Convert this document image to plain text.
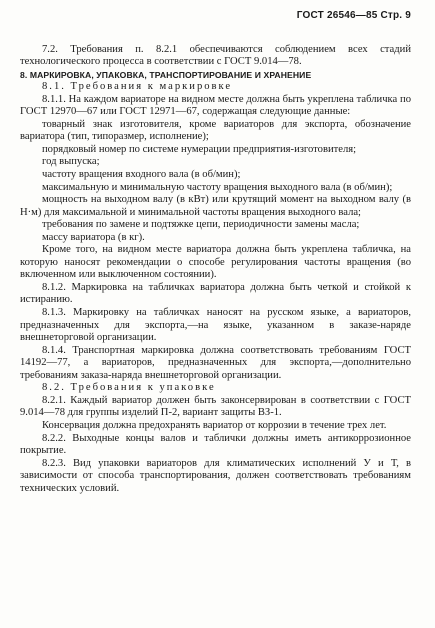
ГОСТ 26546—85 Стр. 9

7.2. Требования п. 8.2.1 обеспечиваются соблюдением всех стадий технологического процесса в соответствии с ГОСТ 9.014—78.

8. МАРКИРОВКА, УПАКОВКА, ТРАНСПОРТИРОВАНИЕ И ХРАНЕНИЕ

8.1. Требования к маркировке

8.1.1. На каждом вариаторе на видном месте должна быть укреплена табличка по ГОСТ 12970—67 или ГОСТ 12971—67, содержащая следующие данные:

товарный знак изготовителя, кроме вариаторов для экспорта, обозначение вариатора (тип, типоразмер, исполнение);

порядковый номер по системе нумерации предприятия-изготовителя;

год выпуска;

частоту вращения входного вала (в об/мин);

максимальную и минимальную частоту вращения выходного вала (в об/мин);

мощность на выходном валу (в кВт) или крутящий момент на выходном валу (в Н·м) для максимальной и минимальной частоты вращения выходного вала;

требования по замене и подтяжке цепи, периодичности замены масла;

массу вариатора (в кг).

Кроме того, на видном месте вариатора должна быть укреплена табличка, на которую наносят рекомендации о способе регулирования частоты вращения (во включенном или выключенном состоянии).

8.1.2. Маркировка на табличках вариатора должна быть четкой и стойкой к истиранию.

8.1.3. Маркировку на табличках наносят на русском языке, а вариаторов, предназначенных для экспорта,—на языке, указанном в заказе-наряде внешнеторговой организации.

8.1.4. Транспортная маркировка должна соответствовать требованиям ГОСТ 14192—77, а вариаторов, предназначенных для экспорта,—дополнительно требованиям заказа-наряда внешнеторговой организации.

8.2. Требования к упаковке

8.2.1. Каждый вариатор должен быть законсервирован в соответствии с ГОСТ 9.014—78 для группы изделий П-2, вариант защиты ВЗ-1.

Консервация должна предохранять вариатор от коррозии в течение трех лет.

8.2.2. Выходные концы валов и таблички должны иметь антикоррозионное покрытие.

8.2.3. Вид упаковки вариаторов для климатических исполнений У и Т, в зависимости от способа транспортирования, должен соответствовать требованиям технических условий.
